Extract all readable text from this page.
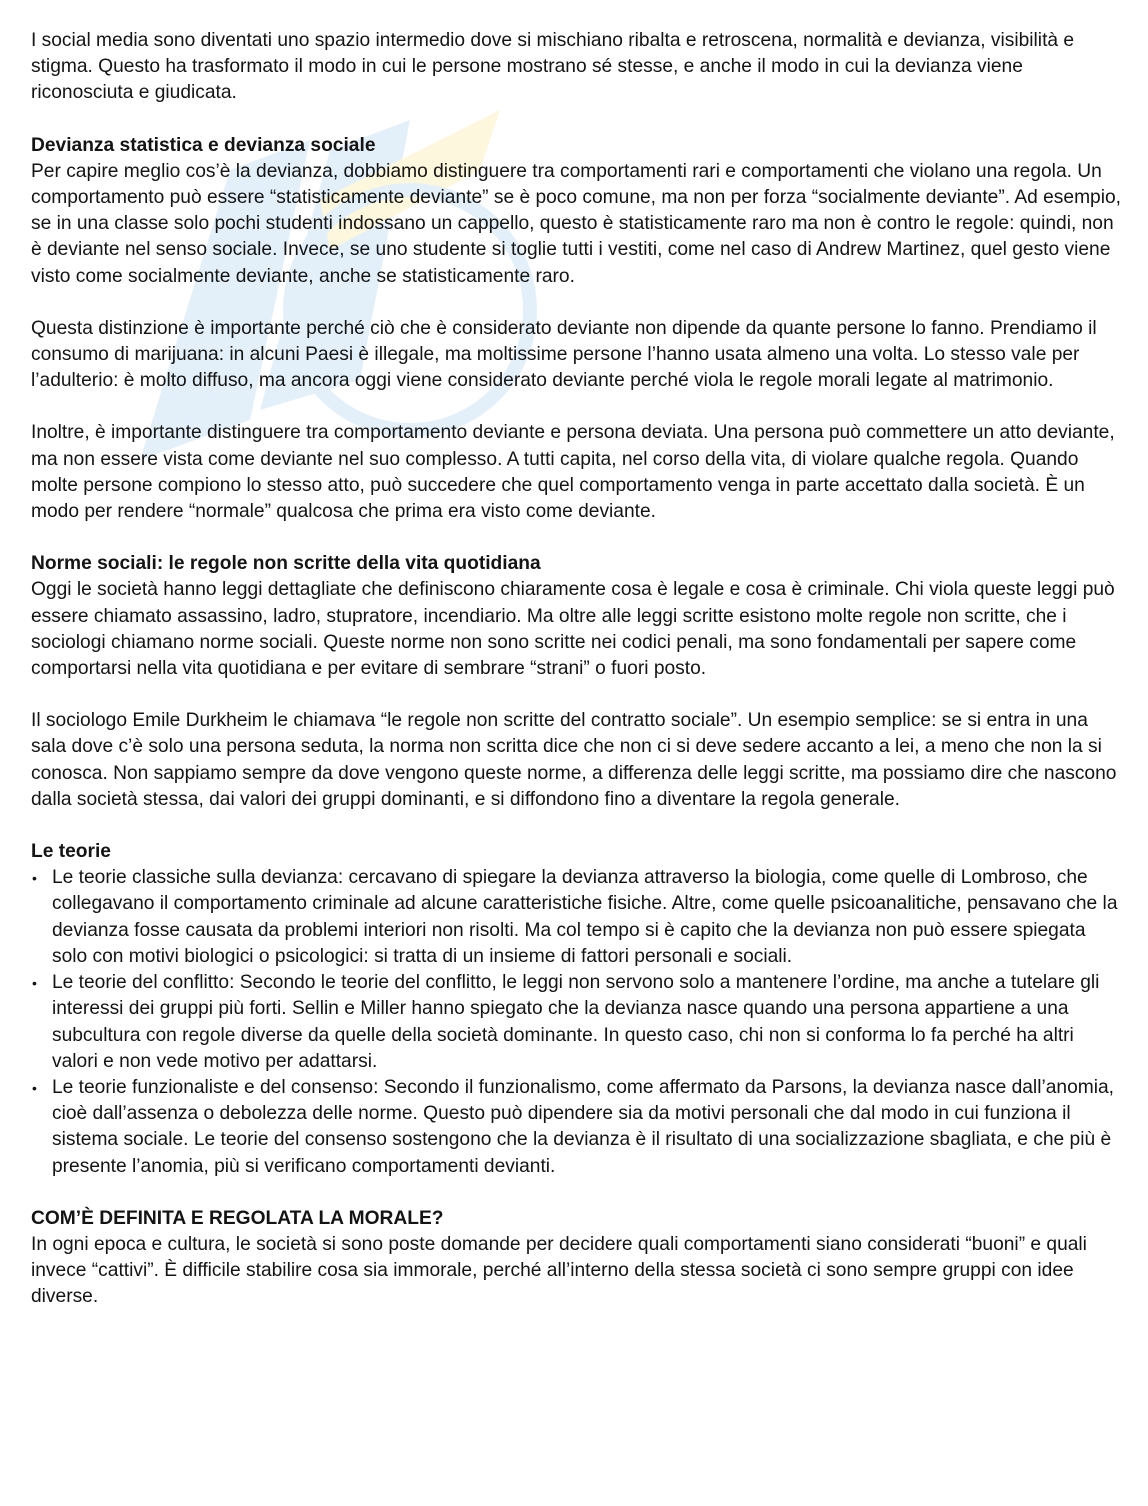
I social media sono diventati uno spazio intermedio dove si mischiano ribalta e retroscena, normalità e devianza, visibilità e stigma. Questo ha trasformato il modo in cui le persone mostrano sé stesse, e anche il modo in cui la devianza viene riconosciuta e giudicata.

Devianza statistica e devianza sociale

Per capire meglio cos’è la devianza, dobbiamo distinguere tra comportamenti rari e comportamenti che violano una regola. Un comportamento può essere “statisticamente deviante” se è poco comune, ma non per forza “socialmente deviante”. Ad esempio, se in una classe solo pochi studenti indossano un cappello, questo è statisticamente raro ma non è contro le regole: quindi, non è deviante nel senso sociale. Invece, se uno studente si toglie tutti i vestiti, come nel caso di Andrew Martinez, quel gesto viene visto come socialmente deviante, anche se statisticamente raro.

Questa distinzione è importante perché ciò che è considerato deviante non dipende da quante persone lo fanno. Prendiamo il consumo di marijuana: in alcuni Paesi è illegale, ma moltissime persone l’hanno usata almeno una volta. Lo stesso vale per l’adulterio: è molto diffuso, ma ancora oggi viene considerato deviante perché viola le regole morali legate al matrimonio.

Inoltre, è importante distinguere tra comportamento deviante e persona deviata. Una persona può commettere un atto deviante, ma non essere vista come deviante nel suo complesso. A tutti capita, nel corso della vita, di violare qualche regola. Quando molte persone compiono lo stesso atto, può succedere che quel comportamento venga in parte accettato dalla società. È un modo per rendere “normale” qualcosa che prima era visto come deviante.

Norme sociali: le regole non scritte della vita quotidiana

Oggi le società hanno leggi dettagliate che definiscono chiaramente cosa è legale e cosa è criminale. Chi viola queste leggi può essere chiamato assassino, ladro, stupratore, incendiario. Ma oltre alle leggi scritte esistono molte regole non scritte, che i sociologi chiamano norme sociali. Queste norme non sono scritte nei codici penali, ma sono fondamentali per sapere come comportarsi nella vita quotidiana e per evitare di sembrare “strani” o fuori posto.

Il sociologo Emile Durkheim le chiamava “le regole non scritte del contratto sociale”. Un esempio semplice: se si entra in una sala dove c’è solo una persona seduta, la norma non scritta dice che non ci si deve sedere accanto a lei, a meno che non la si conosca. Non sappiamo sempre da dove vengono queste norme, a differenza delle leggi scritte, ma possiamo dire che nascono dalla società stessa, dai valori dei gruppi dominanti, e si diffondono fino a diventare la regola generale.

Le teorie
• Le teorie classiche sulla devianza: cercavano di spiegare la devianza attraverso la biologia, come quelle di Lombroso, che collegavano il comportamento criminale ad alcune caratteristiche fisiche. Altre, come quelle psicoanalitiche, pensavano che la devianza fosse causata da problemi interiori non risolti. Ma col tempo si è capito che la devianza non può essere spiegata solo con motivi biologici o psicologici: si tratta di un insieme di fattori personali e sociali.
• Le teorie del conflitto: Secondo le teorie del conflitto, le leggi non servono solo a mantenere l’ordine, ma anche a tutelare gli interessi dei gruppi più forti. Sellin e Miller hanno spiegato che la devianza nasce quando una persona appartiene a una subcultura con regole diverse da quelle della società dominante. In questo caso, chi non si conforma lo fa perché ha altri valori e non vede motivo per adattarsi.
• Le teorie funzionaliste e del consenso: Secondo il funzionalismo, come affermato da Parsons, la devianza nasce dall’anomia, cioè dall’assenza o debolezza delle norme. Questo può dipendere sia da motivi personali che dal modo in cui funziona il sistema sociale. Le teorie del consenso sostengono che la devianza è il risultato di una socializzazione sbagliata, e che più è presente l’anomia, più si verificano comportamenti devianti.
COM’È DEFINITA E REGOLATA LA MORALE?

In ogni epoca e cultura, le società si sono poste domande per decidere quali comportamenti siano considerati “buoni” e quali invece “cattivi”. È difficile stabilire cosa sia immorale, perché all’interno della stessa società ci sono sempre gruppi con idee diverse.
